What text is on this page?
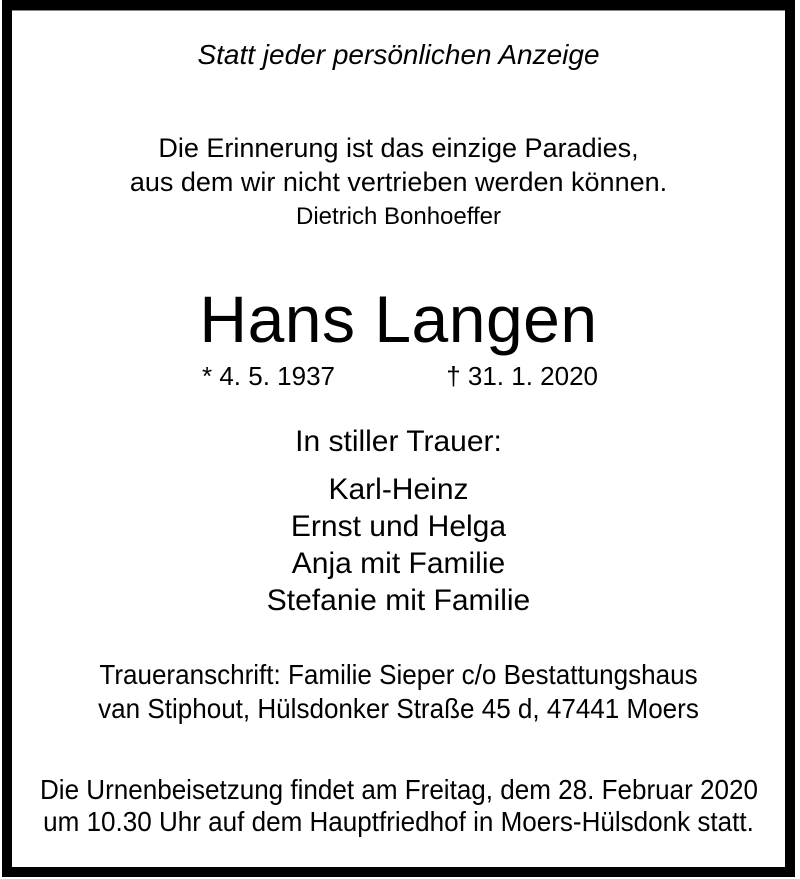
Statt jeder persönlichen Anzeige
Die Erinnerung ist das einzige Paradies,
aus dem wir nicht vertrieben werden können.
Dietrich Bonhoeffer
Hans Langen
* 4. 5. 1937	† 31. 1. 2020
In stiller Trauer:
Karl-Heinz
Ernst und Helga
Anja mit Familie
Stefanie mit Familie
Traueranschrift: Familie Sieper c/o Bestattungshaus
van Stiphout, Hülsdonker Straße 45 d, 47441 Moers
Die Urnenbeisetzung findet am Freitag, dem 28. Februar 2020
um 10.30 Uhr auf dem Hauptfriedhof in Moers-Hülsdonk statt.
